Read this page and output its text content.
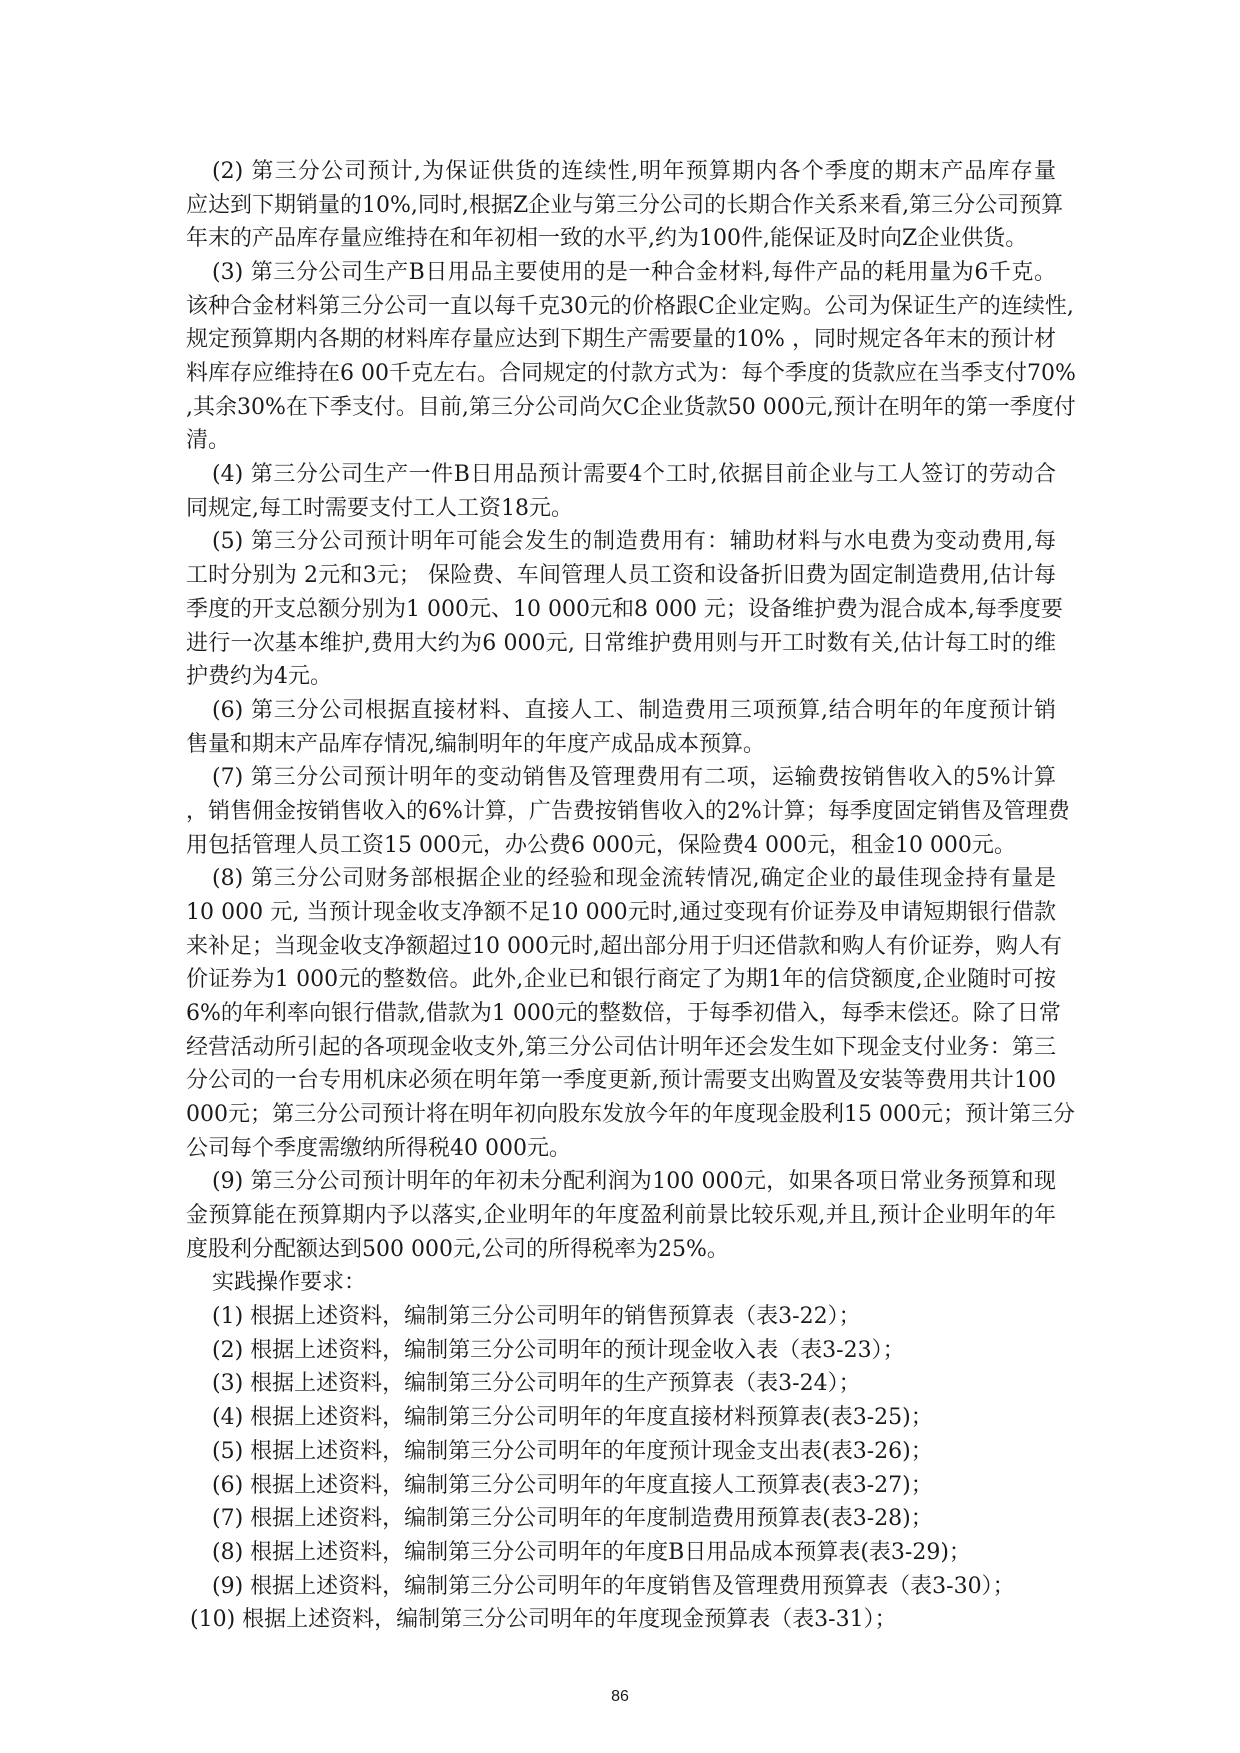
(2) 第三分公司预计,为保证供货的连续性,明年预算期内各个季度的期末产品库存量
应达到下期销量的10%,同时,根据Z企业与第三分公司的长期合作关系来看,第三分公司预算
年末的产品库存量应维持在和年初相一致的水平,约为100件,能保证及时向Z企业供货。
(3) 第三分公司生产B日用品主要使用的是一种合金材料,每件产品的耗用量为6千克。
该种合金材料第三分公司一直以每千克30元的价格跟C企业定购。公司为保证生产的连续性,
规定预算期内各期的材料库存量应达到下期生产需要量的10% ，同时规定各年末的预计材
料库存应维持在6 00千克左右。合同规定的付款方式为：每个季度的货款应在当季支付70%
,其余30%在下季支付。目前,第三分公司尚欠C企业货款50 000元,预计在明年的第一季度付
清。
(4) 第三分公司生产一件B日用品预计需要4个工时,依据目前企业与工人签订的劳动合
同规定,每工时需要支付工人工资18元。
(5) 第三分公司预计明年可能会发生的制造费用有：辅助材料与水电费为变动费用,每
工时分别为 2元和3元； 保险费、车间管理人员工资和设备折旧费为固定制造费用,估计每
季度的开支总额分别为1 000元、10 000元和8 000 元；设备维护费为混合成本,每季度要
进行一次基本维护,费用大约为6 000元, 日常维护费用则与开工时数有关,估计每工时的维
护费约为4元。
(6) 第三分公司根据直接材料、直接人工、制造费用三项预算,结合明年的年度预计销
售量和期末产品库存情况,编制明年的年度产成品成本预算。
(7) 第三分公司预计明年的变动销售及管理费用有二项，运输费按销售收入的5%计算
，销售佣金按销售收入的6%计算，广告费按销售收入的2%计算；每季度固定销售及管理费
用包括管理人员工资15 000元，办公费6 000元，保险费4 000元，租金10 000元。
(8) 第三分公司财务部根据企业的经验和现金流转情况,确定企业的最佳现金持有量是
10 000 元, 当预计现金收支净额不足10 000元时,通过变现有价证券及申请短期银行借款
来补足；当现金收支净额超过10 000元时,超出部分用于归还借款和购人有价证券，购人有
价证券为1 000元的整数倍。此外,企业已和银行商定了为期1年的信贷额度,企业随时可按
6%的年利率向银行借款,借款为1 000元的整数倍，于每季初借入，每季末偿还。除了日常
经营活动所引起的各项现金收支外,第三分公司估计明年还会发生如下现金支付业务：第三
分公司的一台专用机床必须在明年第一季度更新,预计需要支出购置及安装等费用共计100
000元；第三分公司预计将在明年初向股东发放今年的年度现金股利15 000元；预计第三分
公司每个季度需缴纳所得税40 000元。
(9) 第三分公司预计明年的年初未分配利润为100 000元，如果各项日常业务预算和现
金预算能在预算期内予以落实,企业明年的年度盈利前景比较乐观,并且,预计企业明年的年
度股利分配额达到500 000元,公司的所得税率为25%。
实践操作要求：
(1) 根据上述资料，编制第三分公司明年的销售预算表（表3-22）；
(2) 根据上述资料，编制第三分公司明年的预计现金收入表（表3-23）；
(3) 根据上述资料，编制第三分公司明年的生产预算表（表3-24）；
(4) 根据上述资料，编制第三分公司明年的年度直接材料预算表(表3-25)；
(5) 根据上述资料，编制第三分公司明年的年度预计现金支出表(表3-26)；
(6) 根据上述资料，编制第三分公司明年的年度直接人工预算表(表3-27)；
(7) 根据上述资料，编制第三分公司明年的年度制造费用预算表(表3-28)；
(8) 根据上述资料，编制第三分公司明年的年度B日用品成本预算表(表3-29)；
(9) 根据上述资料，编制第三分公司明年的年度销售及管理费用预算表（表3-30）；
(10) 根据上述资料，编制第三分公司明年的年度现金预算表（表3-31）；
86
